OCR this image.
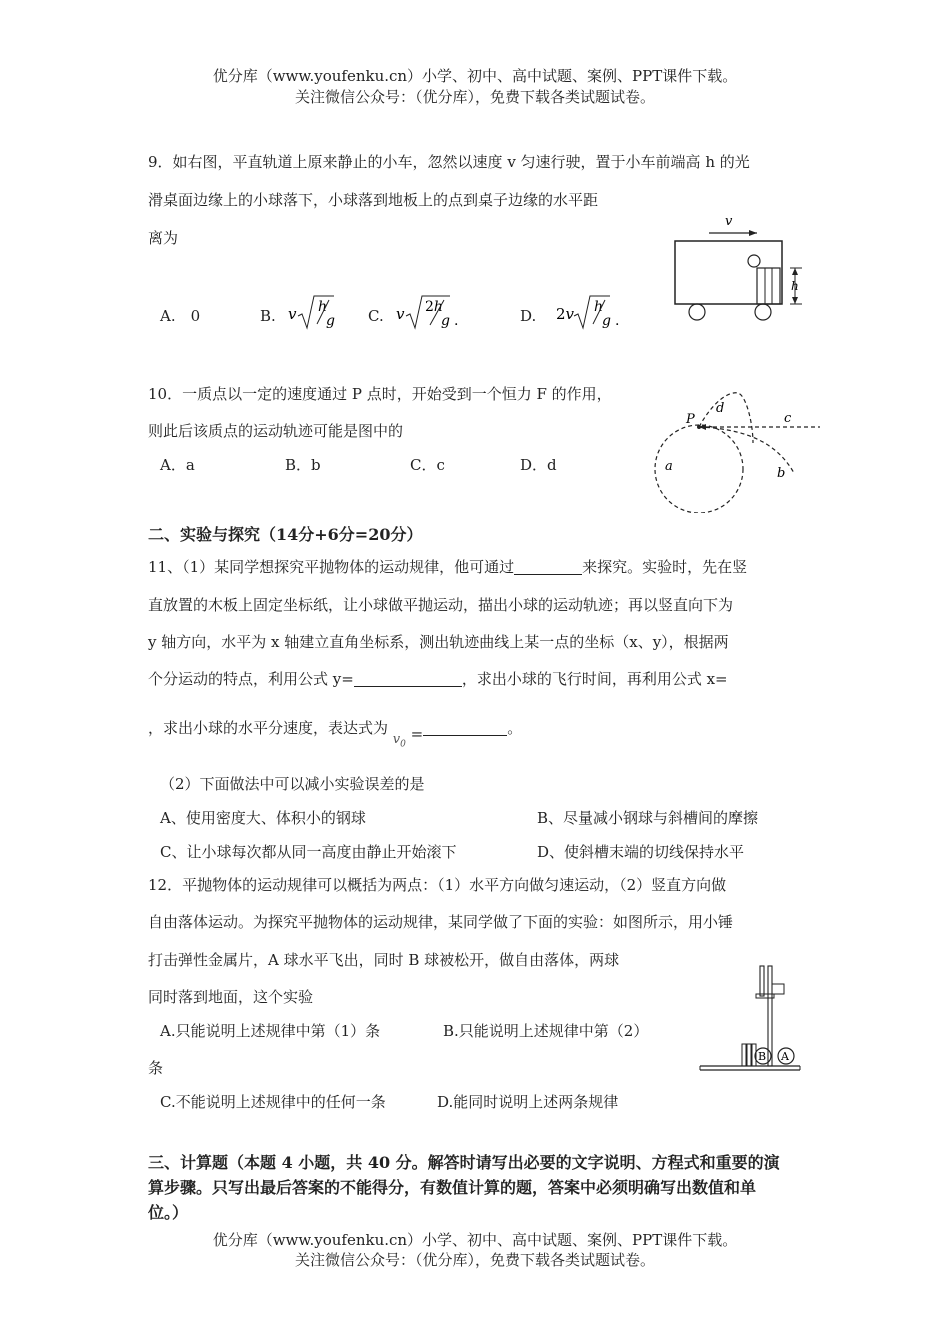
优分库（www.youfenku.cn）小学、初中、高中试题、案例、PPT课件下载。
关注微信公众号：（优分库），免费下载各类试题试卷。
9．如右图，平直轨道上原来静止的小车，忽然以速度 v 匀速行驶，置于小车前端高 h 的光
滑桌面边缘上的小球落下，小球落到地板上的点到桌子边缘的水平距
离为
A.　0	B.	C.	D.
v h
g	v 2h
g .	2v h
g .
v
h
10．一质点以一定的速度通过 P 点时，开始受到一个恒力 F 的作用，
则此后该质点的运动轨迹可能是图中的
A．a	B．b	C．c	D．d
P
d
c
a	b
二、实验与探究（14分+6分=20分）
11、（1）某同学想探究平抛物体的运动规律，他可通过	来探究。实验时，先在竖
直放置的木板上固定坐标纸，让小球做平抛运动，描出小球的运动轨迹；再以竖直向下为
y 轴方向，水平为 x 轴建立直角坐标系，测出轨迹曲线上某一点的坐标（x、y），根据两
个分运动的特点，利用公式 y=	，求出小球的飞行时间，再利用公式 x=
，求出小球的水平分速度，表达式为 $v_0$ =	。
（2）下面做法中可以减小实验误差的是
A、使用密度大、体积小的钢球	B、尽量减小钢球与斜槽间的摩擦
C、让小球每次都从同一高度由静止开始滚下	D、使斜槽末端的切线保持水平
12．平抛物体的运动规律可以概括为两点：（1）水平方向做匀速运动，（2）竖直方向做
自由落体运动。为探究平抛物体的运动规律，某同学做了下面的实验：如图所示，用小锤
打击弹性金属片，A 球水平飞出，同时 B 球被松开，做自由落体，两球
同时落到地面，这个实验
A.只能说明上述规律中第（1）条	B.只能说明上述规律中第（2）
条
C.不能说明上述规律中的任何一条	D.能同时说明上述两条规律
B A
三、计算题（本题 4 小题，共 40 分。解答时请写出必要的文字说明、方程式和重要的演
算步骤。只写出最后答案的不能得分，有数值计算的题，答案中必须明确写出数值和单
位。）
优分库（www.youfenku.cn）小学、初中、高中试题、案例、PPT课件下载。
关注微信公众号：（优分库），免费下载各类试题试卷。
